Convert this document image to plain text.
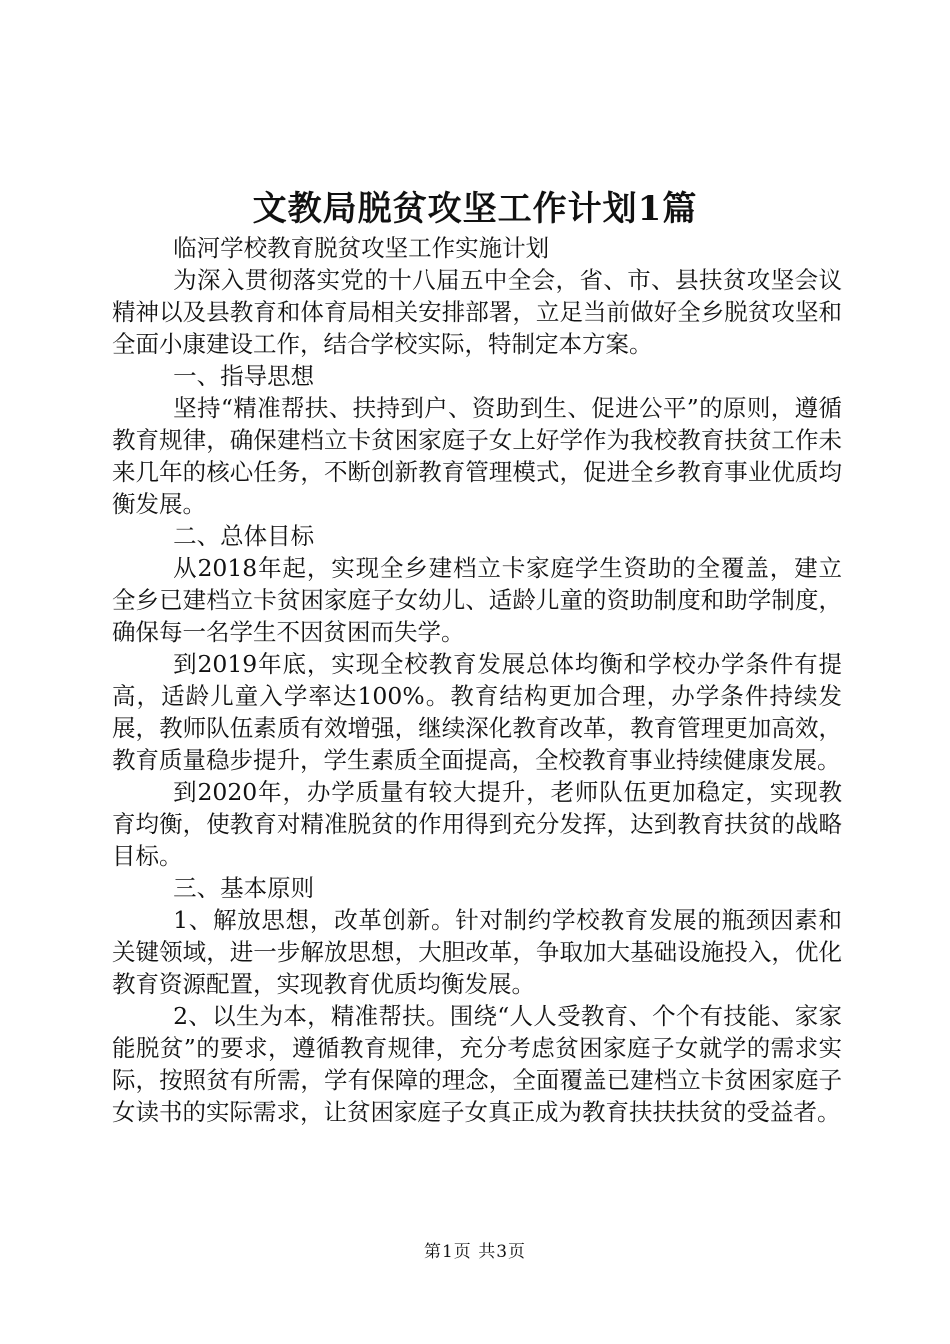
文教局脱贫攻坚工作计划1篇

临河学校教育脱贫攻坚工作实施计划

为深入贯彻落实党的十八届五中全会，省、市、县扶贫攻坚会议精神以及县教育和体育局相关安排部署，立足当前做好全乡脱贫攻坚和全面小康建设工作，结合学校实际，特制定本方案。

一、指导思想

坚持“精准帮扶、扶持到户、资助到生、促进公平”的原则，遵循教育规律，确保建档立卡贫困家庭子女上好学作为我校教育扶贫工作未来几年的核心任务，不断创新教育管理模式，促进全乡教育事业优质均衡发展。

二、总体目标

从2018年起，实现全乡建档立卡家庭学生资助的全覆盖，建立全乡已建档立卡贫困家庭子女幼儿、适龄儿童的资助制度和助学制度，确保每一名学生不因贫困而失学。

到2019年底，实现全校教育发展总体均衡和学校办学条件有提高，适龄儿童入学率达100%。教育结构更加合理，办学条件持续发展，教师队伍素质有效增强，继续深化教育改革，教育管理更加高效，教育质量稳步提升，学生素质全面提高，全校教育事业持续健康发展。

到2020年，办学质量有较大提升，老师队伍更加稳定，实现教育均衡，使教育对精准脱贫的作用得到充分发挥，达到教育扶贫的战略目标。

三、基本原则

1、解放思想，改革创新。针对制约学校教育发展的瓶颈因素和关键领域，进一步解放思想，大胆改革，争取加大基础设施投入，优化教育资源配置，实现教育优质均衡发展。

2、以生为本，精准帮扶。围绕“人人受教育、个个有技能、家家能脱贫”的要求，遵循教育规律，充分考虑贫困家庭子女就学的需求实际，按照贫有所需，学有保障的理念，全面覆盖已建档立卡贫困家庭子女读书的实际需求，让贫困家庭子女真正成为教育扶扶扶贫的受益者。

第1页 共3页
